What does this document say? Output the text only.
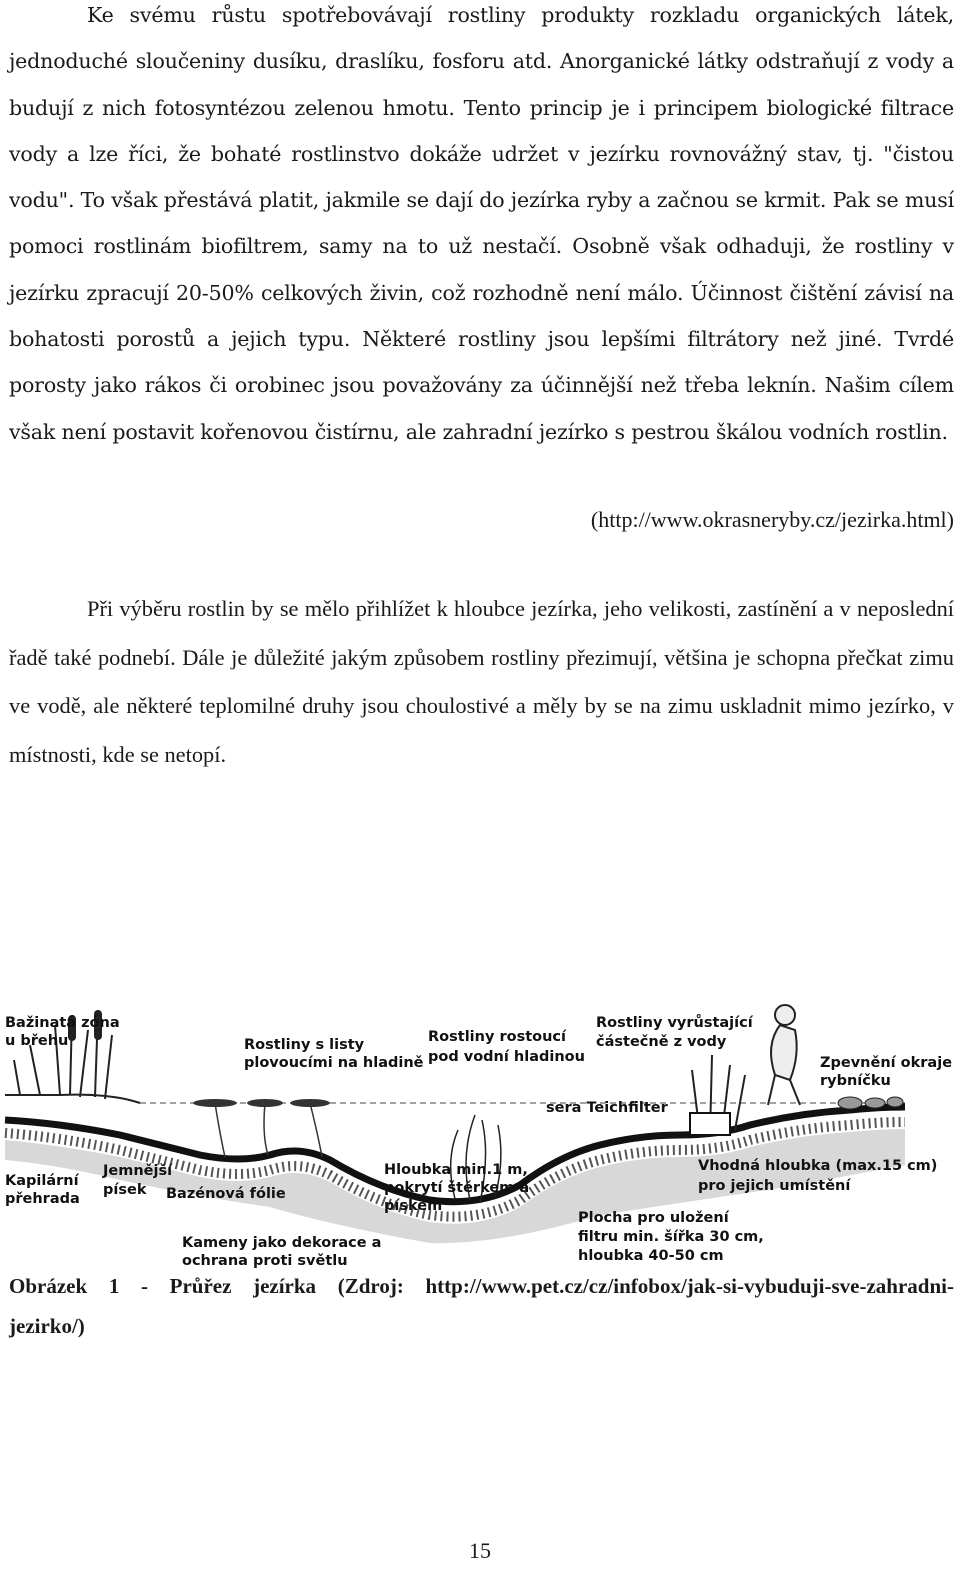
Ke svému růstu spotřebovávají rostliny produkty rozkladu organických látek, jednoduché sloučeniny dusíku, draslíku, fosforu atd. Anorganické látky odstraňují z vody a budují z nich fotosyntézou zelenou hmotu. Tento princip je i principem biologické filtrace vody a lze říci, že bohaté rostlinstvo dokáže udržet v jezírku rovnovážný stav, tj. "čistou vodu". To však přestává platit, jakmile se dají do jezírka ryby a začnou se krmit. Pak se musí pomoci rostlinám biofiltrem, samy na to už nestačí. Osobně však odhaduji, že rostliny v jezírku zpracují 20-50% celkových živin, což rozhodně není málo. Účinnost čištění závisí na bohatosti porostů a jejich typu. Některé rostliny jsou lepšími filtrátory než jiné. Tvrdé porosty jako rákos či orobinec jsou považovány za účinnější než třeba leknín. Našim cílem však není postavit kořenovou čistírnu, ale zahradní jezírko s pestrou škálou vodních rostlin.
(http://www.okrasneryby.cz/jezirka.html)
Při výběru rostlin by se mělo přihlížet k hloubce jezírka, jeho velikosti, zastínění a v neposlední řadě také podnebí. Dále je důležité jakým způsobem rostliny přezimují, většina je schopna přečkat zimu ve vodě, ale některé teplomilné druhy jsou choulostivé a měly by se na zimu uskladnit mimo jezírko, v místnosti, kde se netopí.
Bažinatá zóna
u břehu	Rostliny s listy
plovoucími na hladině
Rostliny rostoucí
pod vodní hladinou
Rostliny vyrůstající
částečně z vody
Zpevnění okraje
rybníčku
sera Teichfilter
Kapilární
přehrada
Jemnější
písek Bazénová fólie
Hloubka min.1 m,
pokrytí štěrkem a
pískem
Vhodná hloubka (max.15 cm)
pro jejich umístění
Plocha pro uložení
filtru min. šířka 30 cm,
hloubka 40-50 cm
Kameny jako dekorace a
ochrana proti světlu
Obrázek 1 - Průřez jezírka (Zdroj: http://www.pet.cz/cz/infobox/jak-si-vybuduji-sve-zahradni-jezirko/)
15
